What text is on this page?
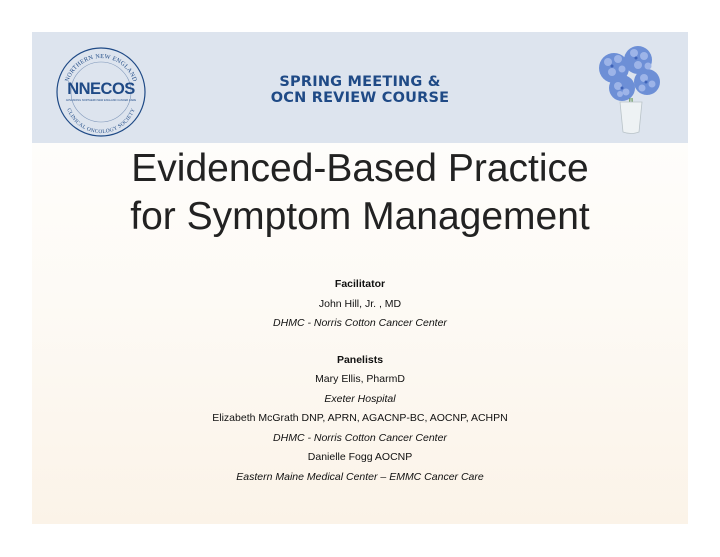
NORTHERN NEW ENGLAND
CLINICAL ONCOLOGY SOCIETY
NNECOS
ADVANCING NORTHERN NEW ENGLAND CANCER CARE
SPRING MEETING &
OCN REVIEW COURSE
Evidenced-Based Practice
for Symptom Management
Facilitator
John Hill, Jr. , MD
DHMC - Norris Cotton Cancer Center
Panelists
Mary Ellis, PharmD
Exeter Hospital
Elizabeth McGrath DNP, APRN, AGACNP-BC, AOCNP, ACHPN
DHMC - Norris Cotton Cancer Center
Danielle Fogg AOCNP
Eastern Maine Medical Center – EMMC Cancer Care
